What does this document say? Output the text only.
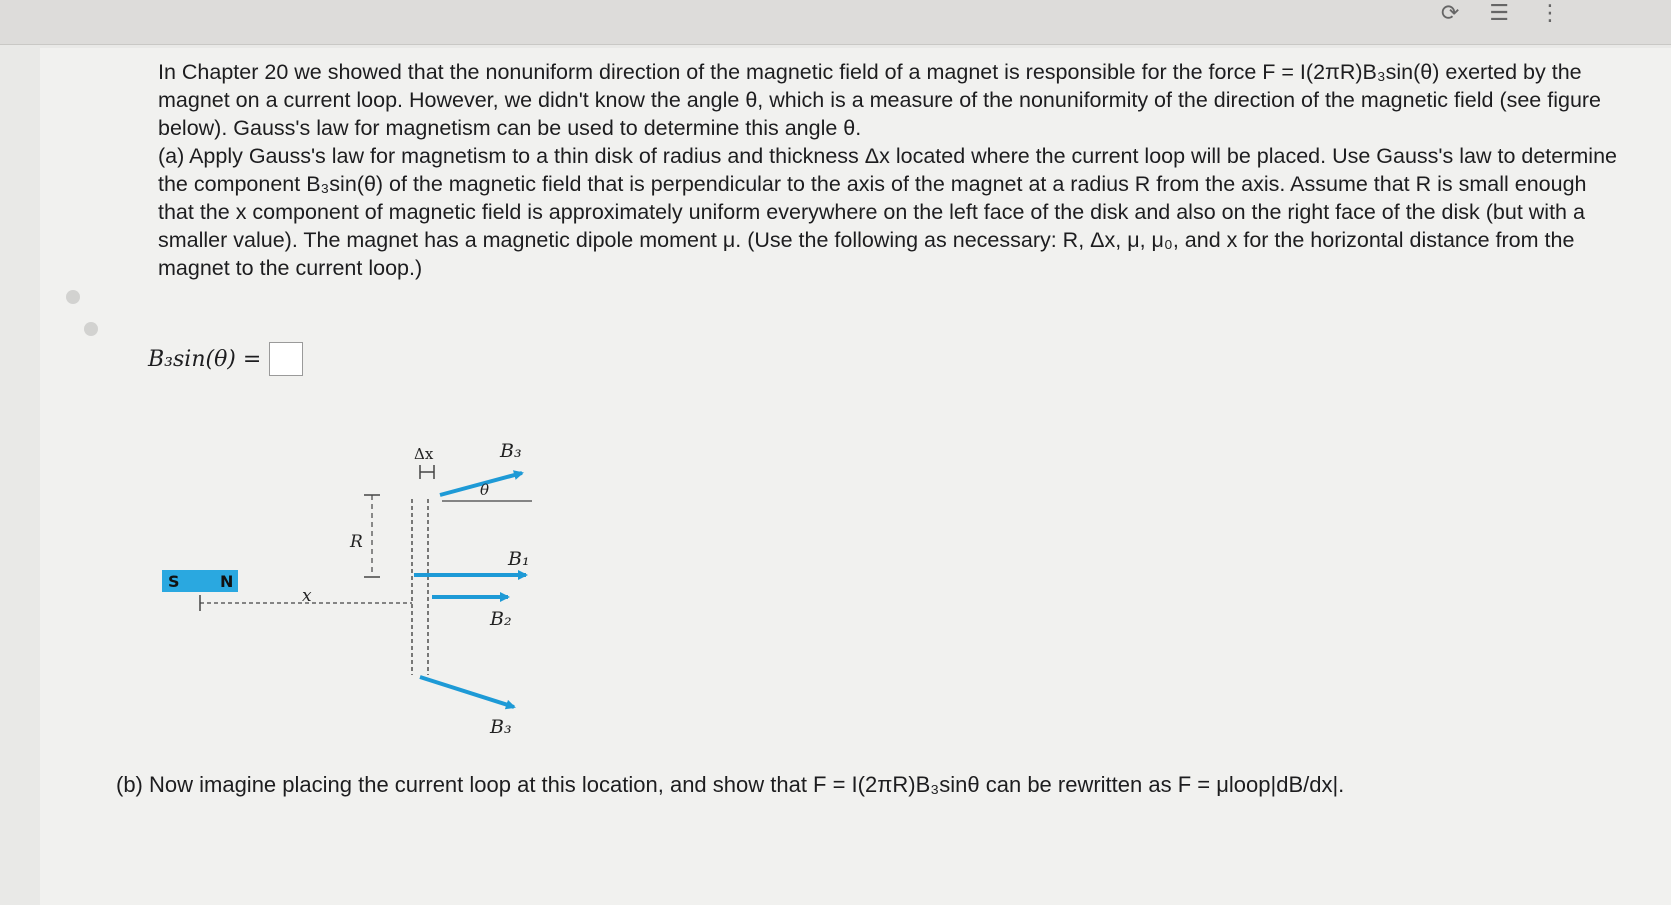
⟳☰⋮

In Chapter 20 we showed that the nonuniform direction of the magnetic field of a magnet is responsible for the force F = I(2πR)B₃sin(θ) exerted by the magnet on a current loop. However, we didn't know the angle θ, which is a measure of the nonuniformity of the direction of the magnetic field (see figure below). Gauss's law for magnetism can be used to determine this angle θ.

(a) Apply Gauss's law for magnetism to a thin disk of radius and thickness Δx located where the current loop will be placed. Use Gauss's law to determine the component B₃sin(θ) of the magnetic field that is perpendicular to the axis of the magnet at a radius R from the axis. Assume that R is small enough that the x component of magnetic field is approximately uniform everywhere on the left face of the disk and also on the right face of the disk (but with a smaller value). The magnet has a magnetic dipole moment μ. (Use the following as necessary: R, Δx, μ, μ₀, and x for the horizontal distance from the magnet to the current loop.)

B₃sin(θ) =
S	N
x
R
Δx
θ
B₃
B₁
B₂
B₃
(b) Now imagine placing the current loop at this location, and show that F = I(2πR)B₃sinθ can be rewritten as F = μloop|dB/dx|.
